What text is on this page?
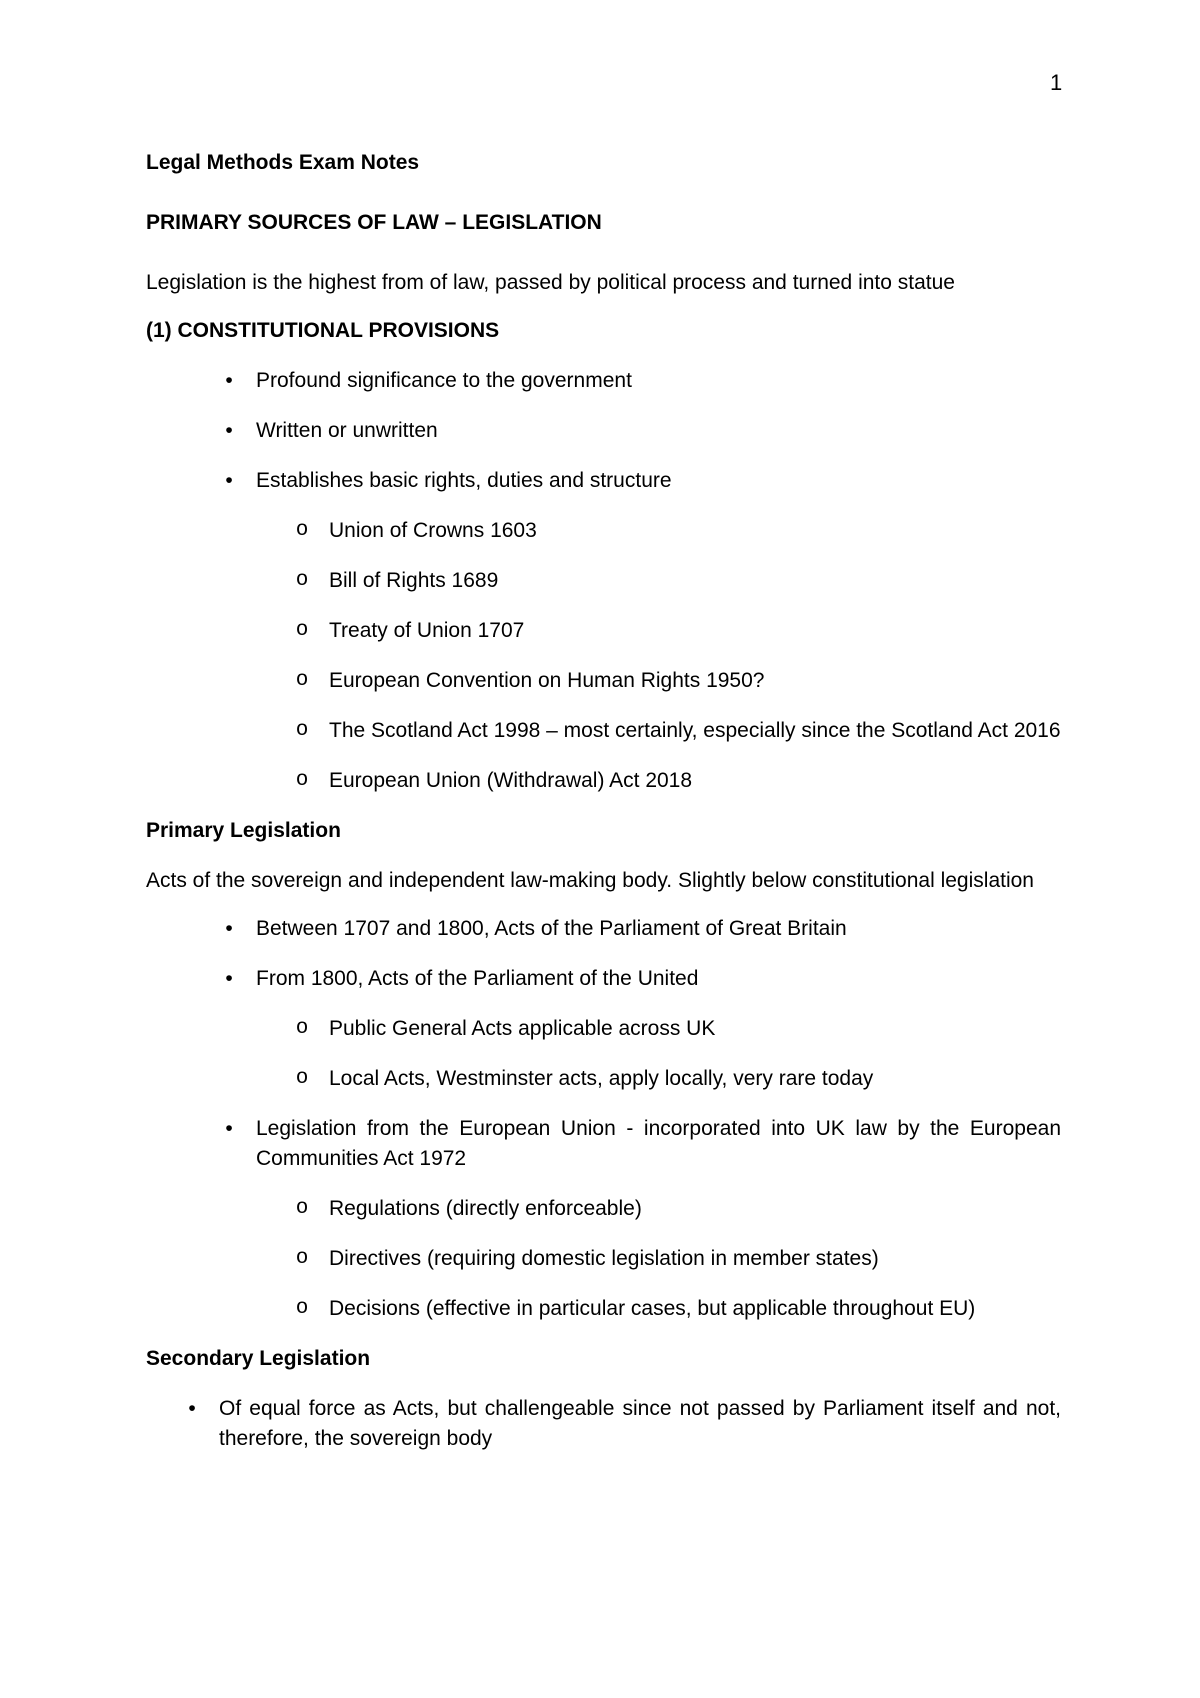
1

Legal Methods Exam Notes

PRIMARY SOURCES OF LAW – LEGISLATION

Legislation is the highest from of law, passed by political process and turned into statue

(1) CONSTITUTIONAL PROVISIONS

•	Profound significance to the government
•	Written or unwritten
•	Establishes basic rights, duties and structure
o Union of Crowns 1603
o Bill of Rights 1689
o Treaty of Union 1707
o European Convention on Human Rights 1950?
o The Scotland Act 1998 – most certainly, especially since the Scotland Act 2016
o European Union (Withdrawal) Act 2018

Primary Legislation

Acts of the sovereign and independent law-making body. Slightly below constitutional legislation

•	Between 1707 and 1800, Acts of the Parliament of Great Britain
•	From 1800, Acts of the Parliament of the United
o Public General Acts applicable across UK
o Local Acts, Westminster acts, apply locally, very rare today
•	Legislation from the European Union - incorporated into UK law by the European Communities Act 1972
o Regulations (directly enforceable)
o Directives (requiring domestic legislation in member states)
o Decisions (effective in particular cases, but applicable throughout EU)

Secondary Legislation

•	Of equal force as Acts, but challengeable since not passed by Parliament itself and not, therefore, the sovereign body
